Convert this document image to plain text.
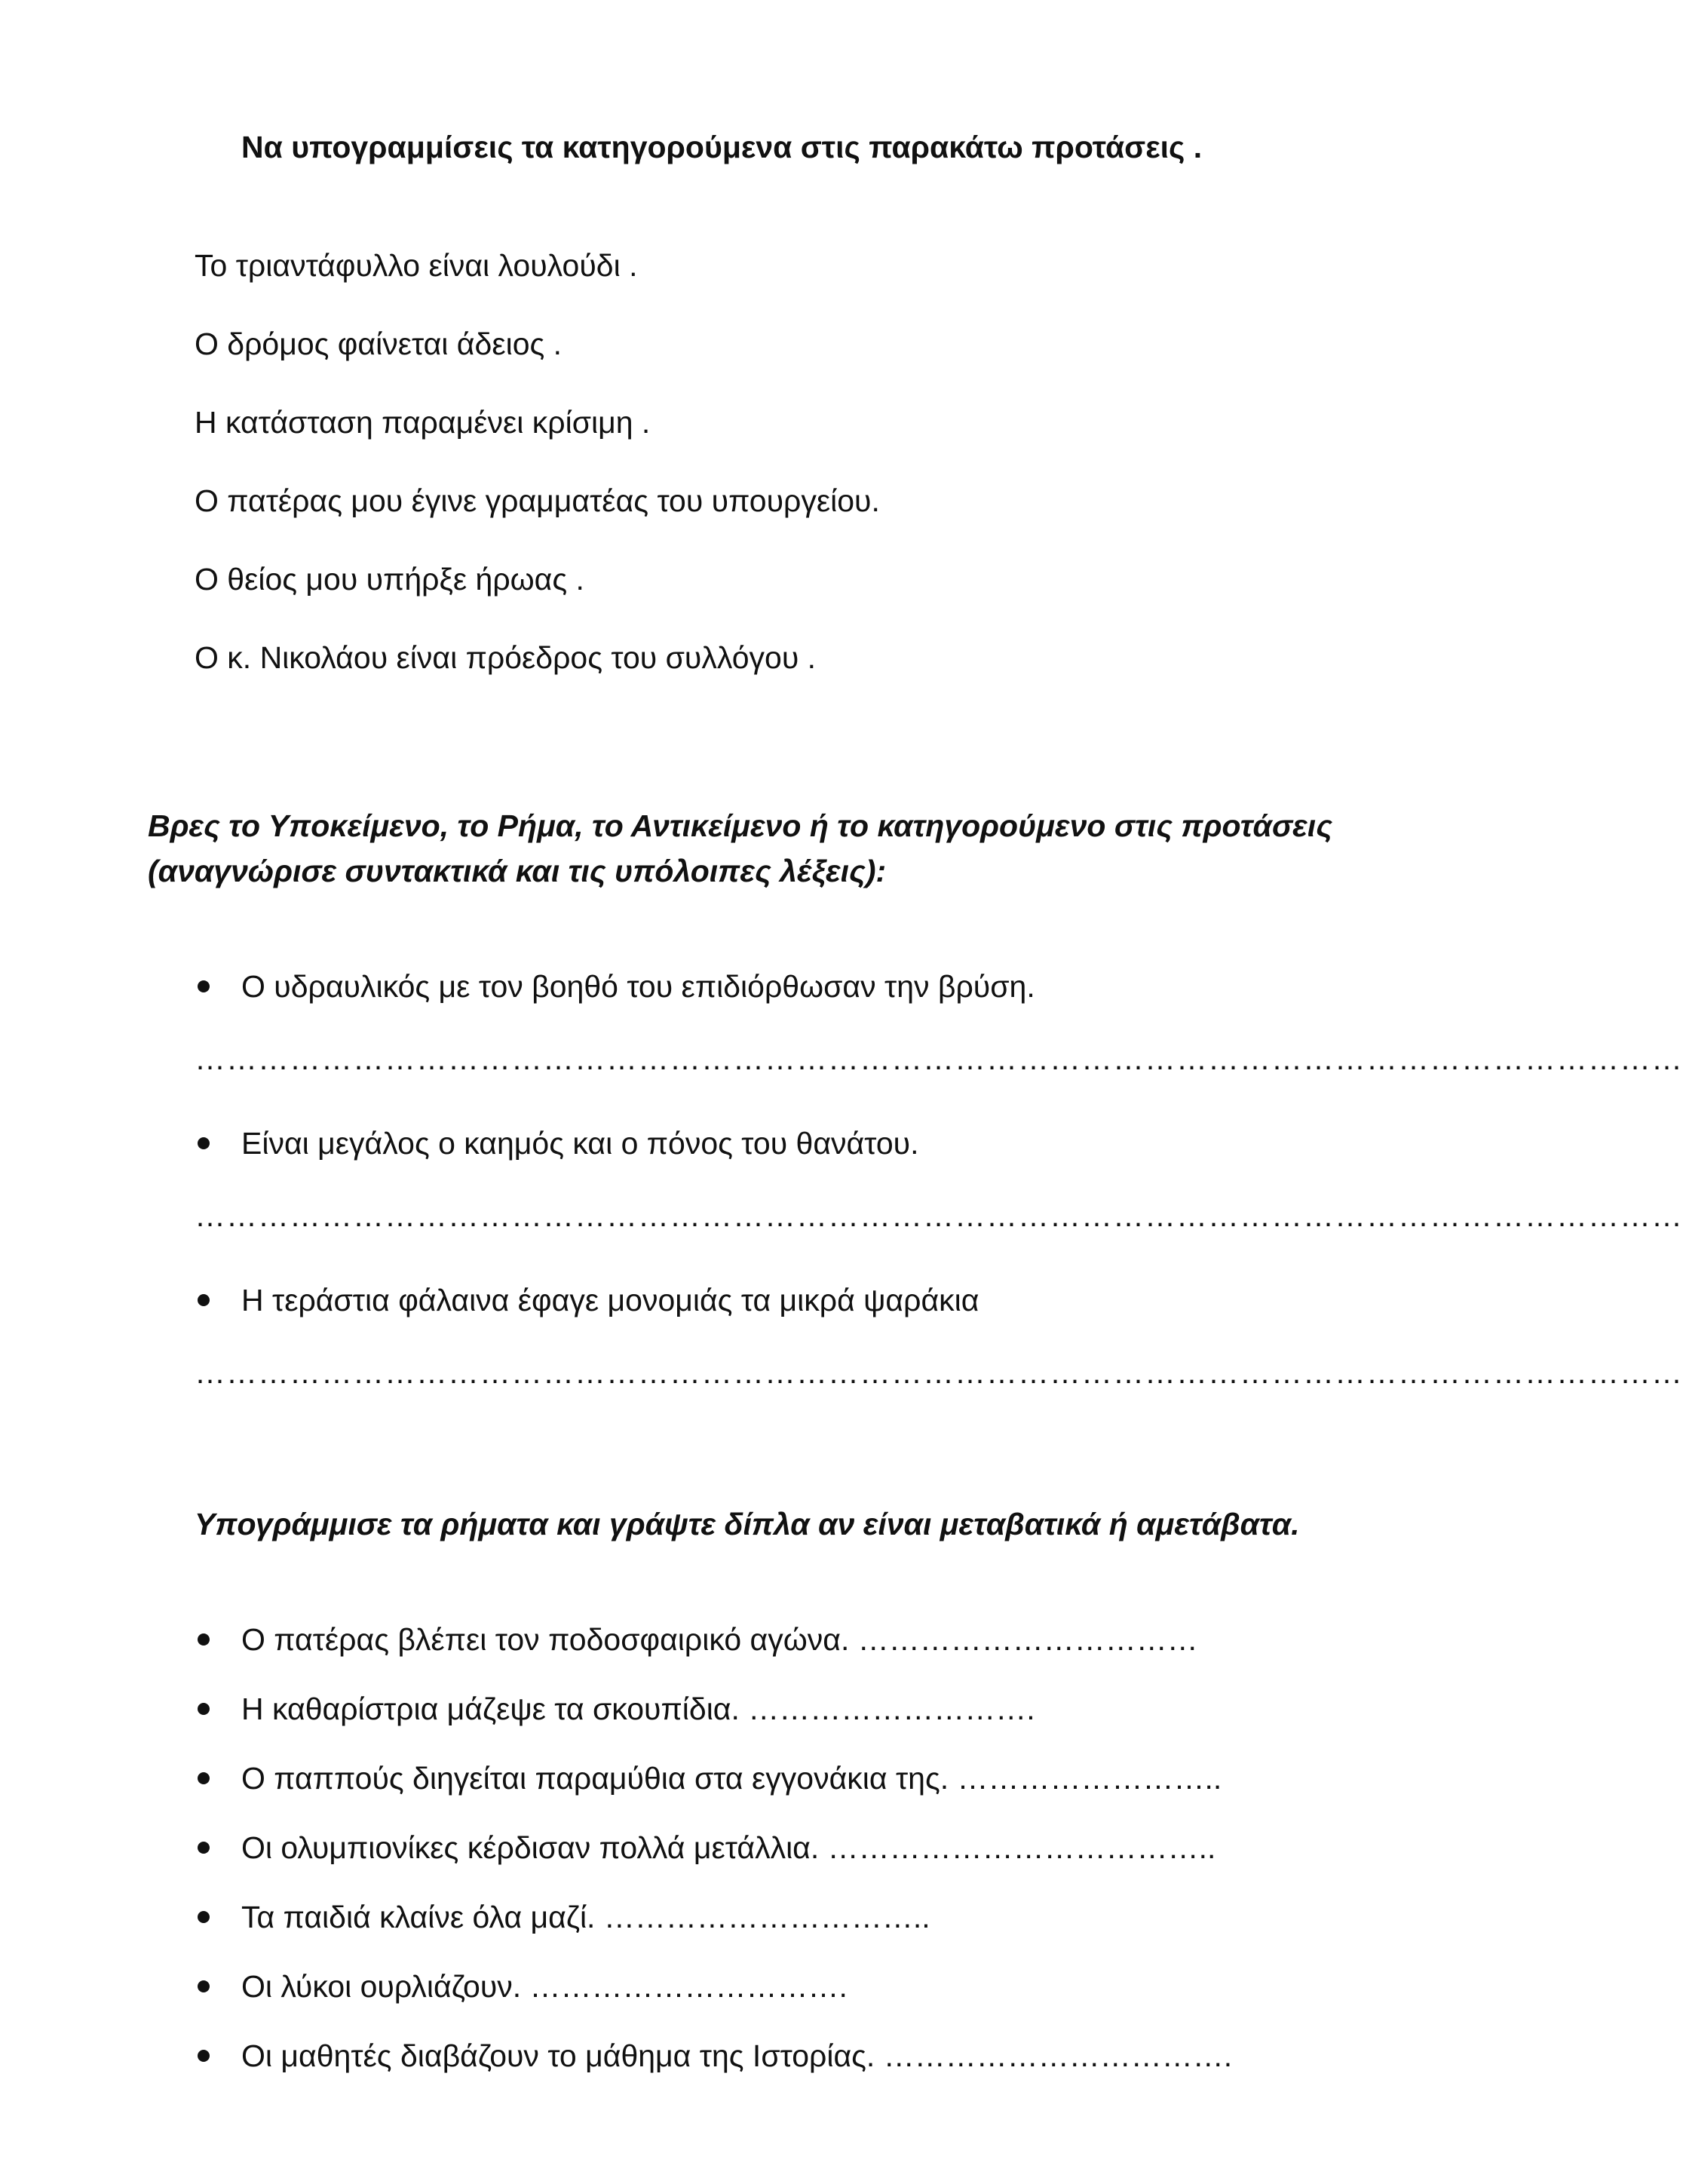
Να υπογραμμίσεις τα κατηγορούμενα στις παρακάτω προτάσεις .
Το τριαντάφυλλο είναι λουλούδι .
Ο δρόμος φαίνεται άδειος .
Η κατάσταση παραμένει κρίσιμη .
Ο πατέρας μου έγινε γραμματέας του υπουργείου.
Ο θείος μου υπήρξε ήρωας .
Ο κ. Νικολάου είναι πρόεδρος του συλλόγου .
Βρες το Υποκείμενο, το Ρήμα, το Αντικείμενο ή το κατηγορούμενο στις προτάσεις
(αναγνώρισε συντακτικά και τις υπόλοιπες λέξεις):
Ο υδραυλικός με τον βοηθό του επιδιόρθωσαν την βρύση.
……………………………………………………………………………………………………………………………
Είναι μεγάλος ο καημός και ο πόνος του θανάτου.
……………………………………………………………………………………………………………………………
Η τεράστια φάλαινα έφαγε μονομιάς τα μικρά ψαράκια
……………………………………………………………………………………………………………………………
Υπογράμμισε τα ρήματα και γράψτε δίπλα αν είναι μεταβατικά ή αμετάβατα.
Ο πατέρας βλέπει τον ποδοσφαιρικό αγώνα. ……………………………
Η καθαρίστρια μάζεψε τα σκουπίδια. ……………………….
Ο παππούς διηγείται παραμύθια στα εγγονάκια της. ……………………..
Οι ολυμπιονίκες κέρδισαν πολλά μετάλλια. ………………………………..
Τα παιδιά κλαίνε όλα μαζί. …………………………..
Οι λύκοι ουρλιάζουν. ………………………….
Οι μαθητές διαβάζουν το μάθημα της Ιστορίας. …………………………….
